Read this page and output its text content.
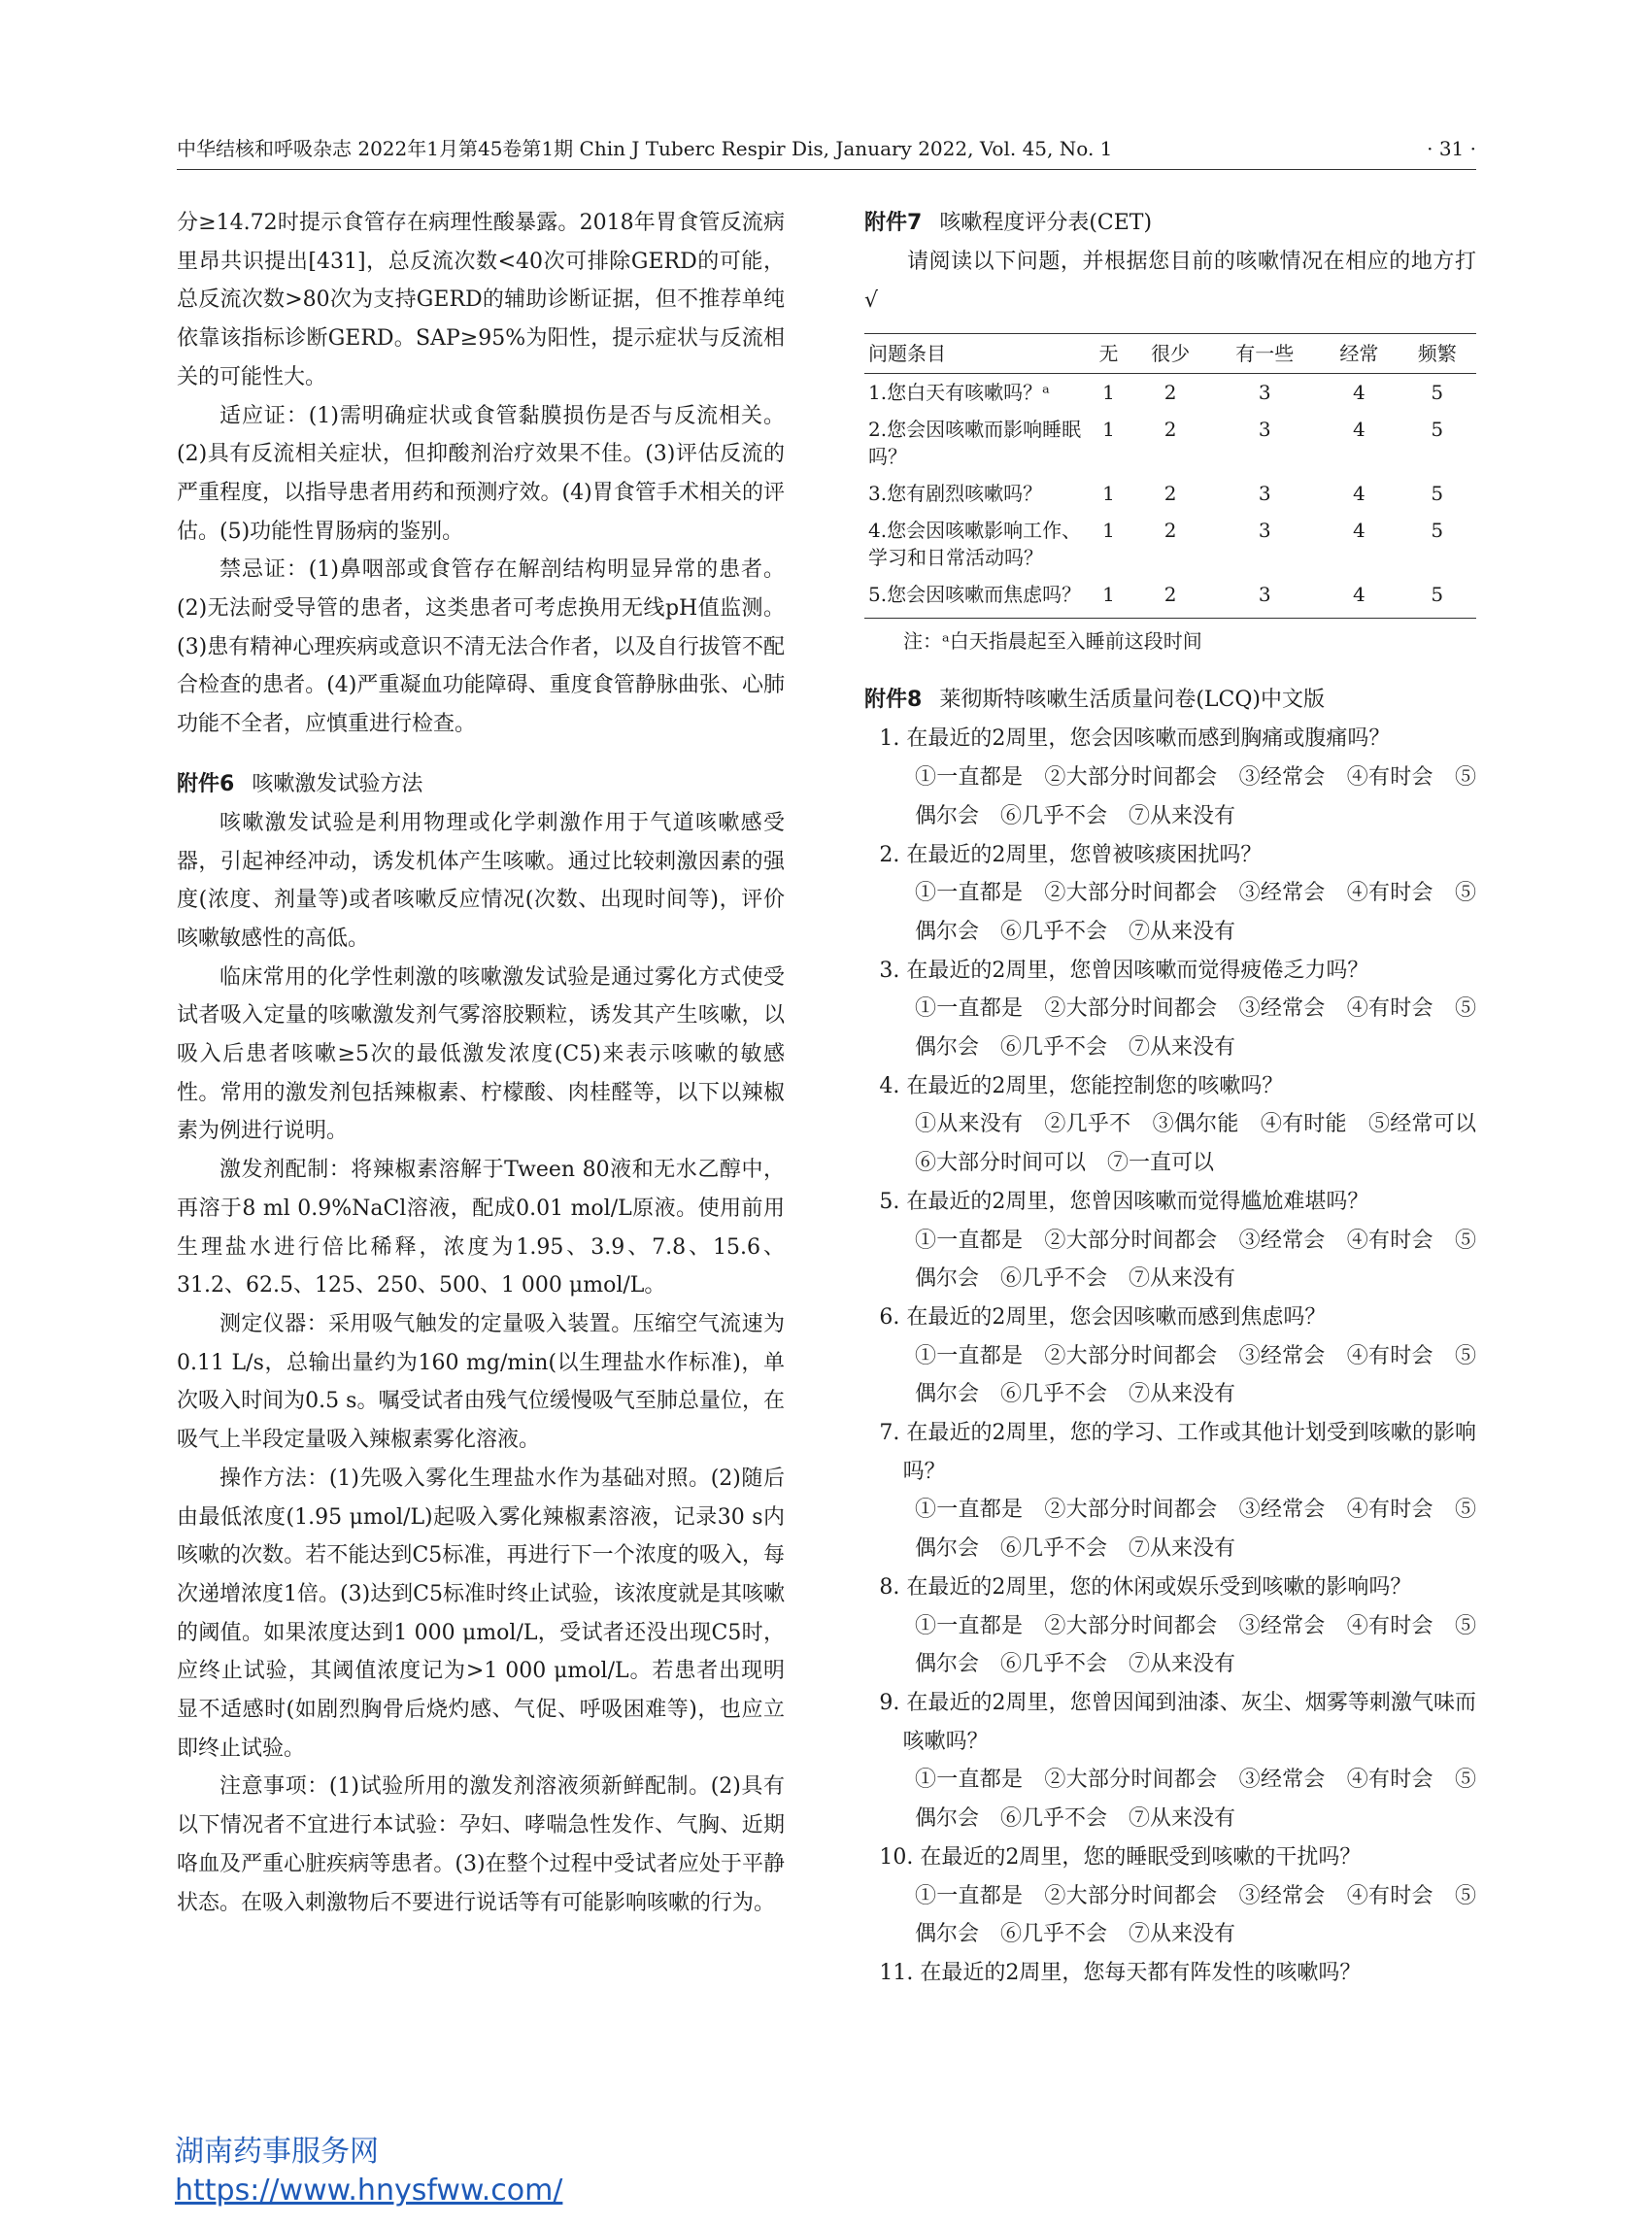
中华结核和呼吸杂志 2022年1月第45卷第1期 Chin J Tuberc Respir Dis, January 2022, Vol. 45, No. 1	· 31 ·

分≥14.72时提示食管存在病理性酸暴露。2018年胃食管反流病里昂共识提出[431]，总反流次数<40次可排除GERD的可能，总反流次数>80次为支持GERD的辅助诊断证据，但不推荐单纯依靠该指标诊断GERD。SAP≥95%为阳性，提示症状与反流相关的可能性大。

适应证：(1)需明确症状或食管黏膜损伤是否与反流相关。(2)具有反流相关症状，但抑酸剂治疗效果不佳。(3)评估反流的严重程度，以指导患者用药和预测疗效。(4)胃食管手术相关的评估。(5)功能性胃肠病的鉴别。

禁忌证：(1)鼻咽部或食管存在解剖结构明显异常的患者。(2)无法耐受导管的患者，这类患者可考虑换用无线pH值监测。(3)患有精神心理疾病或意识不清无法合作者，以及自行拔管不配合检查的患者。(4)严重凝血功能障碍、重度食管静脉曲张、心肺功能不全者，应慎重进行检查。

附件6 咳嗽激发试验方法

咳嗽激发试验是利用物理或化学刺激作用于气道咳嗽感受器，引起神经冲动，诱发机体产生咳嗽。通过比较刺激因素的强度(浓度、剂量等)或者咳嗽反应情况(次数、出现时间等)，评价咳嗽敏感性的高低。

临床常用的化学性刺激的咳嗽激发试验是通过雾化方式使受试者吸入定量的咳嗽激发剂气雾溶胶颗粒，诱发其产生咳嗽，以吸入后患者咳嗽≥5次的最低激发浓度(C5)来表示咳嗽的敏感性。常用的激发剂包括辣椒素、柠檬酸、肉桂醛等，以下以辣椒素为例进行说明。

激发剂配制：将辣椒素溶解于Tween 80液和无水乙醇中，再溶于8 ml 0.9%NaCl溶液，配成0.01 mol/L原液。使用前用生理盐水进行倍比稀释，浓度为1.95、3.9、7.8、15.6、31.2、62.5、125、250、500、1 000 μmol/L。

测定仪器：采用吸气触发的定量吸入装置。压缩空气流速为0.11 L/s，总输出量约为160 mg/min(以生理盐水作标准)，单次吸入时间为0.5 s。嘱受试者由残气位缓慢吸气至肺总量位，在吸气上半段定量吸入辣椒素雾化溶液。

操作方法：(1)先吸入雾化生理盐水作为基础对照。(2)随后由最低浓度(1.95 μmol/L)起吸入雾化辣椒素溶液，记录30 s内咳嗽的次数。若不能达到C5标准，再进行下一个浓度的吸入，每次递增浓度1倍。(3)达到C5标准时终止试验，该浓度就是其咳嗽的阈值。如果浓度达到1 000 μmol/L，受试者还没出现C5时，应终止试验，其阈值浓度记为>1 000 μmol/L。若患者出现明显不适感时(如剧烈胸骨后烧灼感、气促、呼吸困难等)，也应立即终止试验。

注意事项：(1)试验所用的激发剂溶液须新鲜配制。(2)具有以下情况者不宜进行本试验：孕妇、哮喘急性发作、气胸、近期咯血及严重心脏疾病等患者。(3)在整个过程中受试者应处于平静状态。在吸入刺激物后不要进行说话等有可能影响咳嗽的行为。

附件7 咳嗽程度评分表(CET)

请阅读以下问题，并根据您目前的咳嗽情况在相应的地方打√

问题条目	无	很少	有一些	经常	频繁
1.您白天有咳嗽吗？ᵃ	1	2	3	4	5
2.您会因咳嗽而影响睡眠吗？	1	2	3	4	5
3.您有剧烈咳嗽吗？	1	2	3	4	5
4.您会因咳嗽影响工作、学习和日常活动吗？	1	2	3	4	5
5.您会因咳嗽而焦虑吗？	1	2	3	4	5

注：ᵃ白天指晨起至入睡前这段时间

附件8 莱彻斯特咳嗽生活质量问卷(LCQ)中文版

1. 在最近的2周里，您会因咳嗽而感到胸痛或腹痛吗？

①一直都是　②大部分时间都会　③经常会　④有时会　⑤偶尔会　⑥几乎不会　⑦从来没有

2. 在最近的2周里，您曾被咳痰困扰吗？

①一直都是　②大部分时间都会　③经常会　④有时会　⑤偶尔会　⑥几乎不会　⑦从来没有

3. 在最近的2周里，您曾因咳嗽而觉得疲倦乏力吗？

①一直都是　②大部分时间都会　③经常会　④有时会　⑤偶尔会　⑥几乎不会　⑦从来没有

4. 在最近的2周里，您能控制您的咳嗽吗？

①从来没有　②几乎不　③偶尔能　④有时能　⑤经常可以　⑥大部分时间可以　⑦一直可以

5. 在最近的2周里，您曾因咳嗽而觉得尴尬难堪吗？

①一直都是　②大部分时间都会　③经常会　④有时会　⑤偶尔会　⑥几乎不会　⑦从来没有

6. 在最近的2周里，您会因咳嗽而感到焦虑吗？

①一直都是　②大部分时间都会　③经常会　④有时会　⑤偶尔会　⑥几乎不会　⑦从来没有

7. 在最近的2周里，您的学习、工作或其他计划受到咳嗽的影响吗？

①一直都是　②大部分时间都会　③经常会　④有时会　⑤偶尔会　⑥几乎不会　⑦从来没有

8. 在最近的2周里，您的休闲或娱乐受到咳嗽的影响吗？

①一直都是　②大部分时间都会　③经常会　④有时会　⑤偶尔会　⑥几乎不会　⑦从来没有

9. 在最近的2周里，您曾因闻到油漆、灰尘、烟雾等刺激气味而咳嗽吗？

①一直都是　②大部分时间都会　③经常会　④有时会　⑤偶尔会　⑥几乎不会　⑦从来没有

10. 在最近的2周里，您的睡眠受到咳嗽的干扰吗？

①一直都是　②大部分时间都会　③经常会　④有时会　⑤偶尔会　⑥几乎不会　⑦从来没有

11. 在最近的2周里，您每天都有阵发性的咳嗽吗？

湖南药事服务网
https://www.hnysfww.com/
